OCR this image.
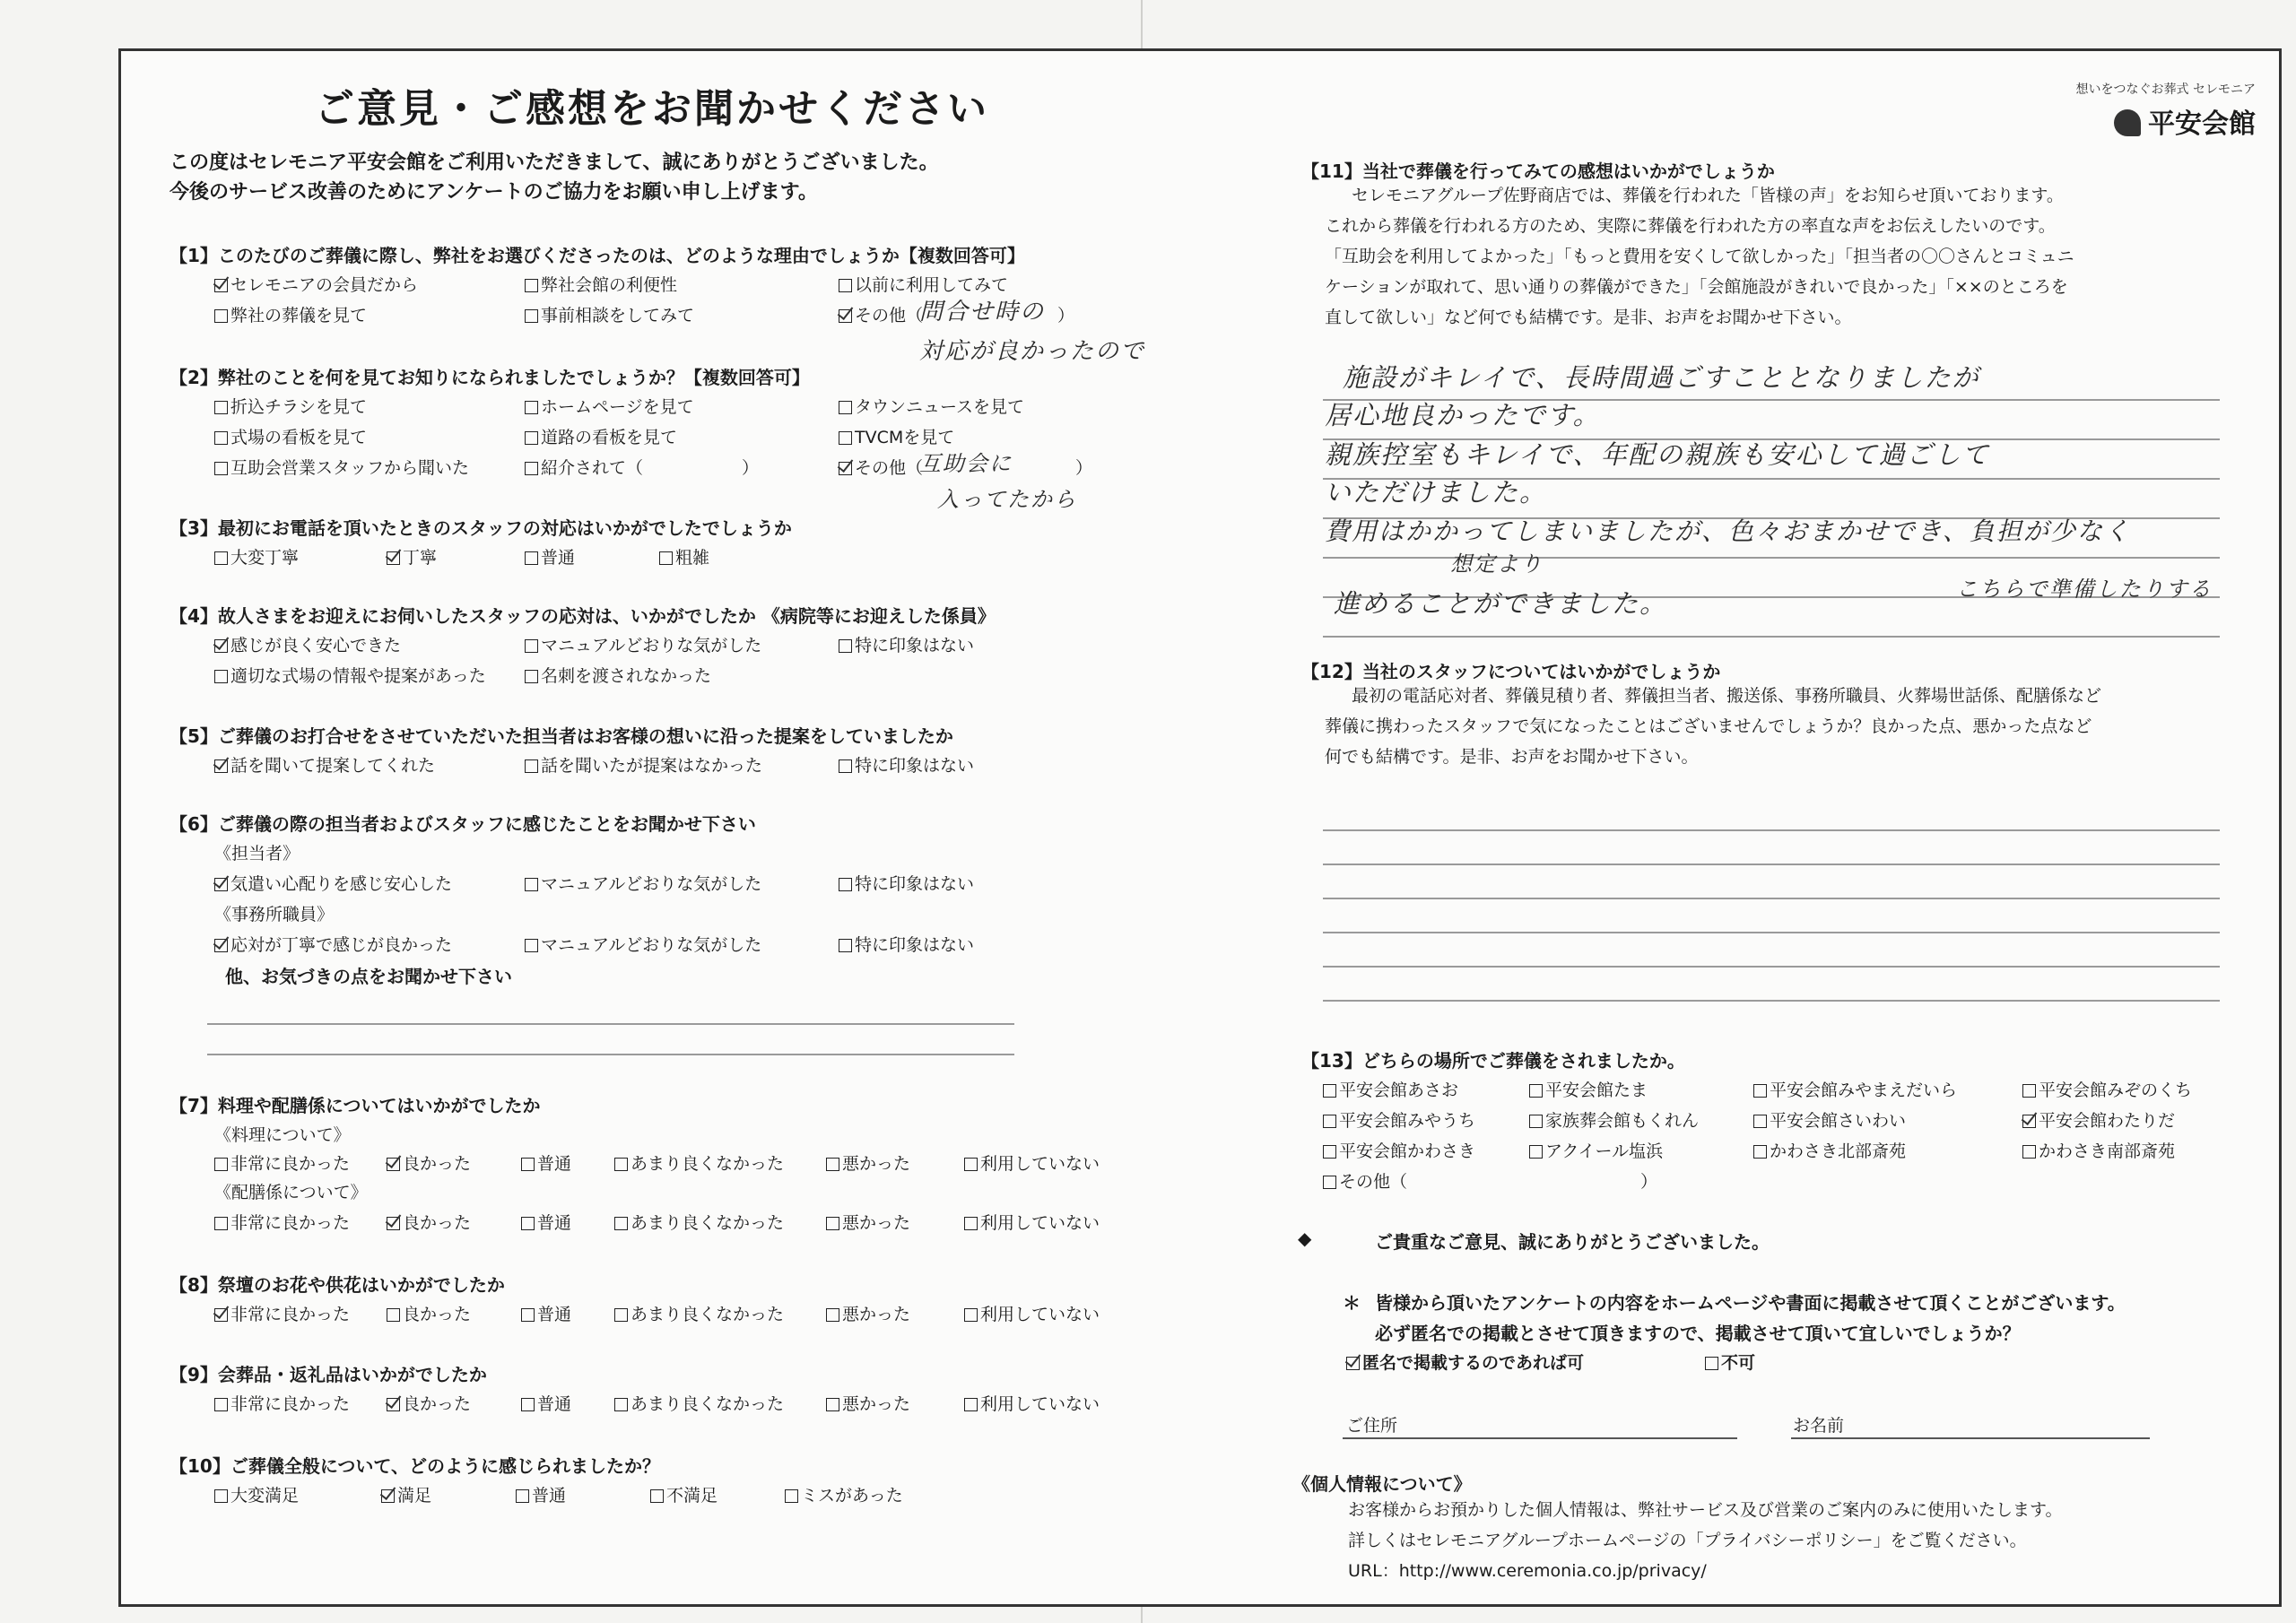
ご意見・ご感想をお聞かせください
この度はセレモニア平安会館をご利用いただきまして、誠にありがとうございました。
今後のサービス改善のためにアンケートのご協力をお願い申し上げます。
【1】このたびのご葬儀に際し、弊社をお選びくださったのは、どのような理由でしょうか【複数回答可】
セレモニアの会員だから	弊社会館の利便性	以前に利用してみて
弊社の葬儀を見て	事前相談をしてみて	その他（	）
問合せ時の
対応が良かったので
【2】弊社のことを何を見てお知りになられましたでしょうか？【複数回答可】
折込チラシを見て	ホームページを見て	タウンニュースを見て
式場の看板を見て	道路の看板を見て	TVCMを見て
互助会営業スタッフから聞いた	紹介されて（	）	その他（	）
互助会に
入ってたから
【3】最初にお電話を頂いたときのスタッフの対応はいかがでしたでしょうか
大変丁寧	丁寧	普通	粗雑
【4】故人さまをお迎えにお伺いしたスタッフの応対は、いかがでしたか 《病院等にお迎えした係員》
感じが良く安心できた	マニュアルどおりな気がした	特に印象はない
適切な式場の情報や提案があった	名刺を渡されなかった
【5】ご葬儀のお打合せをさせていただいた担当者はお客様の想いに沿った提案をしていましたか
話を聞いて提案してくれた	話を聞いたが提案はなかった	特に印象はない
【6】ご葬儀の際の担当者およびスタッフに感じたことをお聞かせ下さい
《担当者》
気遣い心配りを感じ安心した	マニュアルどおりな気がした	特に印象はない
《事務所職員》
応対が丁寧で感じが良かった	マニュアルどおりな気がした	特に印象はない
他、お気づきの点をお聞かせ下さい
【7】料理や配膳係についてはいかがでしたか
《料理について》
非常に良かった	良かった	普通	あまり良くなかった	悪かった	利用していない
《配膳係について》
非常に良かった	良かった	普通	あまり良くなかった	悪かった	利用していない
【8】祭壇のお花や供花はいかがでしたか
非常に良かった	良かった	普通	あまり良くなかった	悪かった	利用していない
【9】会葬品・返礼品はいかがでしたか
非常に良かった	良かった	普通	あまり良くなかった	悪かった	利用していない
【10】ご葬儀全般について、どのように感じられましたか？
大変満足	満足	普通	不満足	ミスがあった
想いをつなぐお葬式 セレモニア
平安会館
【11】当社で葬儀を行ってみての感想はいかがでしょうか
セレモニアグループ佐野商店では、葬儀を行われた「皆様の声」をお知らせ頂いております。
これから葬儀を行われる方のため、実際に葬儀を行われた方の率直な声をお伝えしたいのです。
「互助会を利用してよかった」「もっと費用を安くして欲しかった」「担当者の〇〇さんとコミュニ
ケーションが取れて、思い通りの葬儀ができた」「会館施設がきれいで良かった」「××のところを
直して欲しい」など何でも結構です。是非、お声をお聞かせ下さい。
施設がキレイで、長時間過ごすこととなりましたが
居心地良かったです。
親族控室もキレイで、年配の親族も安心して過ごして
いただけました。
費用はかかってしまいましたが、色々おまかせでき、負担が少なく
想定より
進めることができました。	こちらで準備したりする
【12】当社のスタッフについてはいかがでしょうか
最初の電話応対者、葬儀見積り者、葬儀担当者、搬送係、事務所職員、火葬場世話係、配膳係など
葬儀に携わったスタッフで気になったことはございませんでしょうか？良かった点、悪かった点など
何でも結構です。是非、お声をお聞かせ下さい。
【13】どちらの場所でご葬儀をされましたか。
平安会館あさお	平安会館たま	平安会館みやまえだいら	平安会館みぞのくち
平安会館みやうち	家族葬会館もくれん	平安会館さいわい	平安会館わたりだ
平安会館かわさき	アクイール塩浜	かわさき北部斎苑	かわさき南部斎苑
その他（	）
◆	ご貴重なご意見、誠にありがとうございました。
＊ 皆様から頂いたアンケートの内容をホームページや書面に掲載させて頂くことがございます。
必ず匿名での掲載とさせて頂きますので、掲載させて頂いて宜しいでしょうか？
匿名で掲載するのであれば可	不可
ご住所	お名前
《個人情報について》
お客様からお預かりした個人情報は、弊社サービス及び営業のご案内のみに使用いたします。
詳しくはセレモニアグループホームページの「プライバシーポリシー」をご覧ください。
URL：http://www.ceremonia.co.jp/privacy/
